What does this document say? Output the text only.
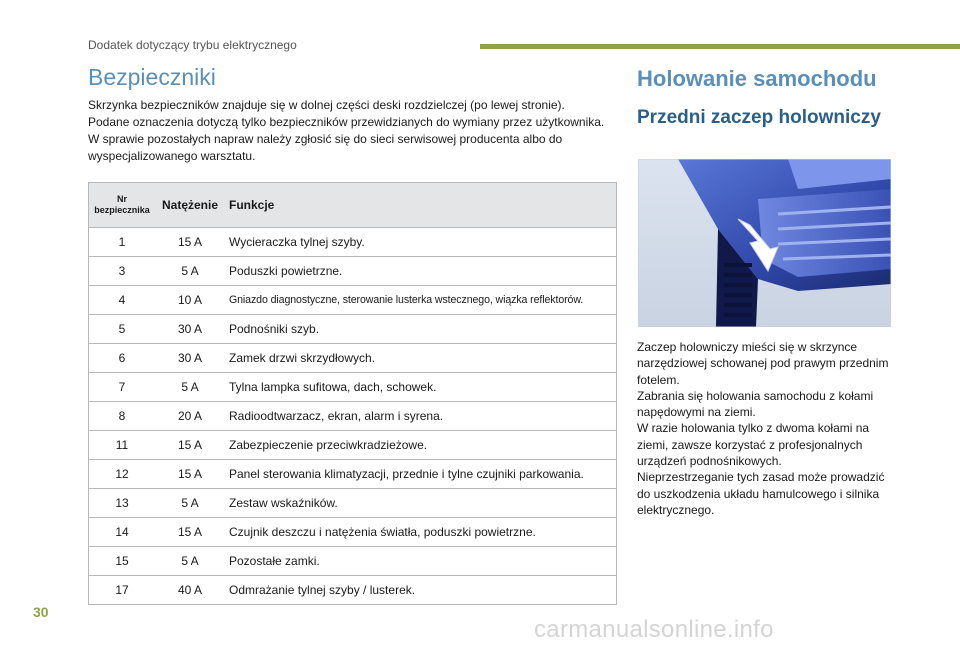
Dodatek dotyczący trybu elektrycznego
Bezpieczniki

Skrzynka bezpieczników znajduje się w dolnej części deski rozdzielczej (po lewej stronie).

Podane oznaczenia dotyczą tylko bezpieczników przewidzianych do wymiany przez użytkownika.

W sprawie pozostałych napraw należy zgłosić się do sieci serwisowej producenta albo do

wyspecjalizowanego warsztatu.

Nr
bezpiecznika	Natężenie	Funkcje
1	15 A	Wycieraczka tylnej szyby.
3	5 A	Poduszki powietrzne.
4	10 A	Gniazdo diagnostyczne, sterowanie lusterka wstecznego, wiązka reflektorów.
5	30 A	Podnośniki szyb.
6	30 A	Zamek drzwi skrzydłowych.
7	5 A	Tylna lampka sufitowa, dach, schowek.
8	20 A	Radioodtwarzacz, ekran, alarm i syrena.
11	15 A	Zabezpieczenie przeciwkradzieżowe.
12	15 A	Panel sterowania klimatyzacji, przednie i tylne czujniki parkowania.
13	5 A	Zestaw wskaźników.
14	15 A	Czujnik deszczu i natężenia światła, poduszki powietrzne.
15	5 A	Pozostałe zamki.
17	40 A	Odmrażanie tylnej szyby / lusterek.
Holowanie samochodu
Przedni zaczep holowniczy

Zaczep holowniczy mieści się w skrzynce

narzędziowej schowanej pod prawym przednim

fotelem.

Zabrania się holowania samochodu z kołami

napędowymi na ziemi.

W razie holowania tylko z dwoma kołami na

ziemi, zawsze korzystać z profesjonalnych

urządzeń podnośnikowych.

Nieprzestrzeganie tych zasad może prowadzić

do uszkodzenia układu hamulcowego i silnika

elektrycznego.

30
carmanualsonline.info
